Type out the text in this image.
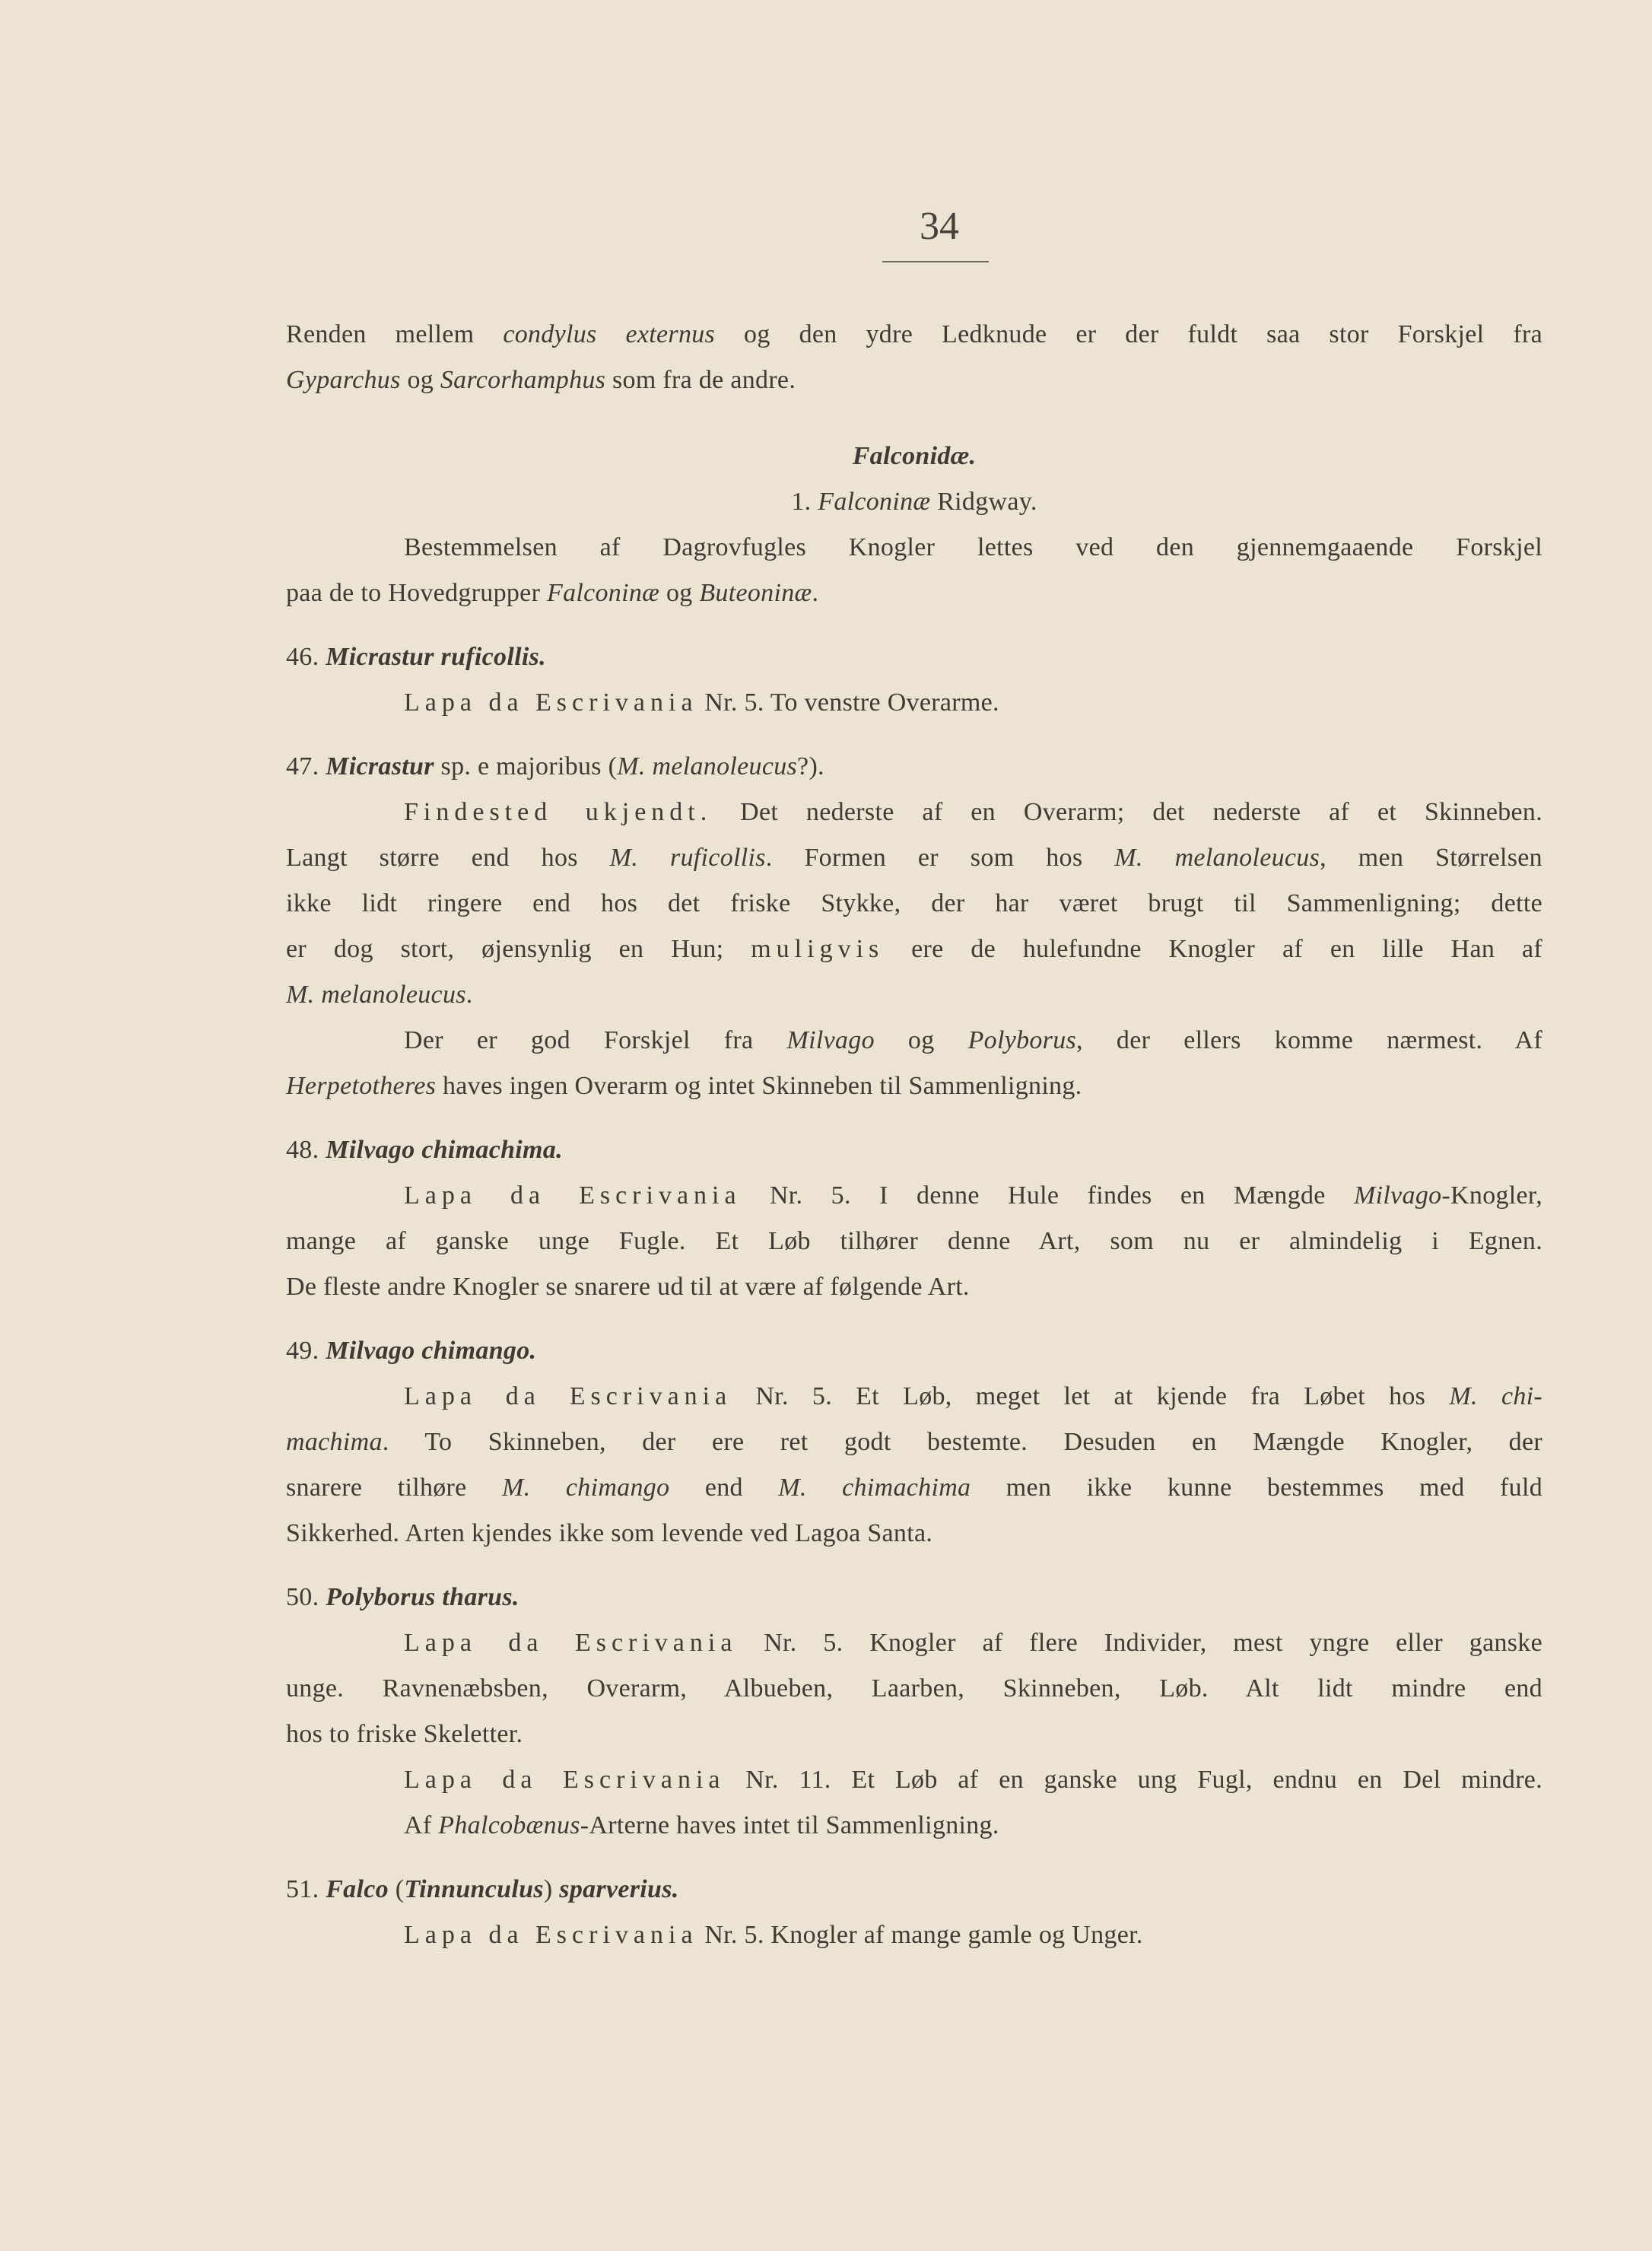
34
Renden mellem condylus externus og den ydre Ledknude er der fuldt saa stor Forskjel fra
Gyparchus og Sarcorhamphus som fra de andre.
Falconidæ.
1. Falconinæ Ridgway.
Bestemmelsen af Dagrovfugles Knogler lettes ved den gjennemgaaende Forskjel
paa de to Hovedgrupper Falconinæ og Buteoninæ.
46. Micrastur ruficollis.
Lapa da Escrivania Nr. 5. To venstre Overarme.
47. Micrastur sp. e majoribus (M. melanoleucus?).
Findested ukjendt. Det nederste af en Overarm; det nederste af et Skinneben.
Langt større end hos M. ruficollis. Formen er som hos M. melanoleucus, men Størrelsen
ikke lidt ringere end hos det friske Stykke, der har været brugt til Sammenligning; dette
er dog stort, øjensynlig en Hun; muligvis ere de hulefundne Knogler af en lille Han af
M. melanoleucus.
Der er god Forskjel fra Milvago og Polyborus, der ellers komme nærmest. Af
Herpetotheres haves ingen Overarm og intet Skinneben til Sammenligning.
48. Milvago chimachima.
Lapa da Escrivania Nr. 5. I denne Hule findes en Mængde Milvago-Knogler,
mange af ganske unge Fugle. Et Løb tilhører denne Art, som nu er almindelig i Egnen.
De fleste andre Knogler se snarere ud til at være af følgende Art.
49. Milvago chimango.
Lapa da Escrivania Nr. 5. Et Løb, meget let at kjende fra Løbet hos M. chi-
machima. To Skinneben, der ere ret godt bestemte. Desuden en Mængde Knogler, der
snarere tilhøre M. chimango end M. chimachima men ikke kunne bestemmes med fuld
Sikkerhed. Arten kjendes ikke som levende ved Lagoa Santa.
50. Polyborus tharus.
Lapa da Escrivania Nr. 5. Knogler af flere Individer, mest yngre eller ganske
unge. Ravnenæbsben, Overarm, Albueben, Laarben, Skinneben, Løb. Alt lidt mindre end
hos to friske Skeletter.
Lapa da Escrivania Nr. 11. Et Løb af en ganske ung Fugl, endnu en Del mindre.
Af Phalcobænus-Arterne haves intet til Sammenligning.
51. Falco (Tinnunculus) sparverius.
Lapa da Escrivania Nr. 5. Knogler af mange gamle og Unger.
